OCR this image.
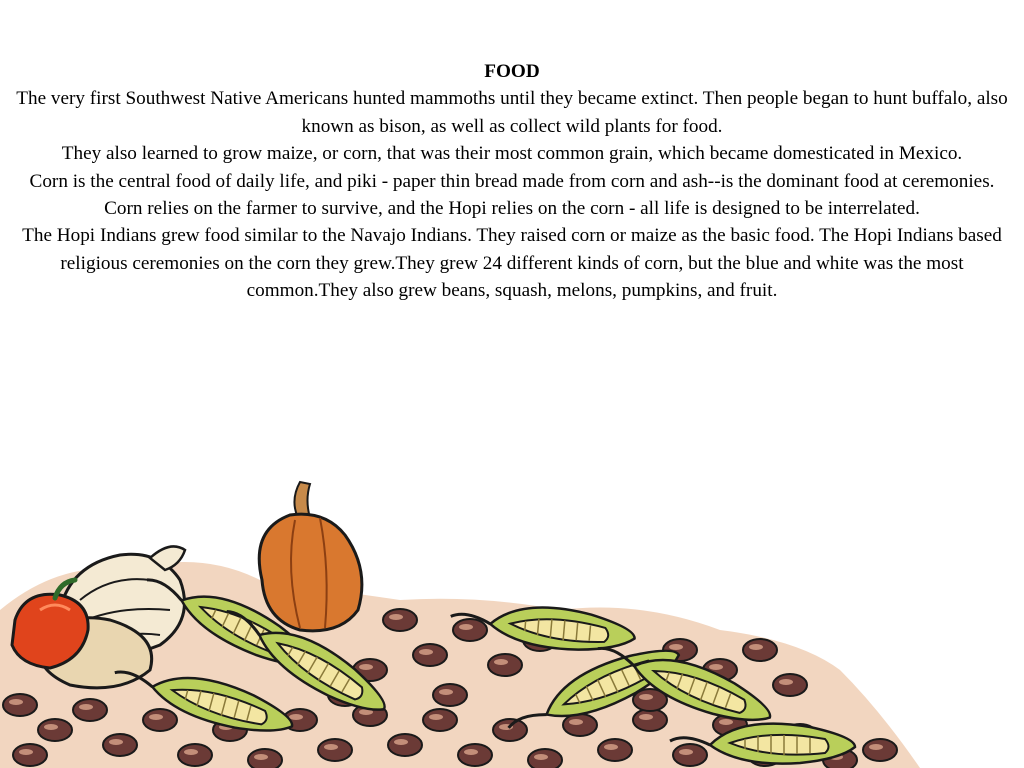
FOOD

The very first Southwest Native Americans hunted mammoths until they became extinct. Then people began to hunt buffalo, also known as bison, as well as collect wild plants for food.

They also learned to grow maize, or corn, that was their most common grain, which became domesticated in Mexico.

Corn is the central food of daily life, and piki - paper thin bread made from corn and ash--is the dominant food at ceremonies. Corn relies on the farmer to survive, and the Hopi relies on the corn - all life is designed to be interrelated.

The Hopi Indians grew food similar to the Navajo Indians. They raised corn or maize as the basic food. The Hopi Indians based religious ceremonies on the corn they grew.They grew 24 different kinds of corn, but the blue and white was the most common.They also grew beans, squash, melons, pumpkins, and fruit.
